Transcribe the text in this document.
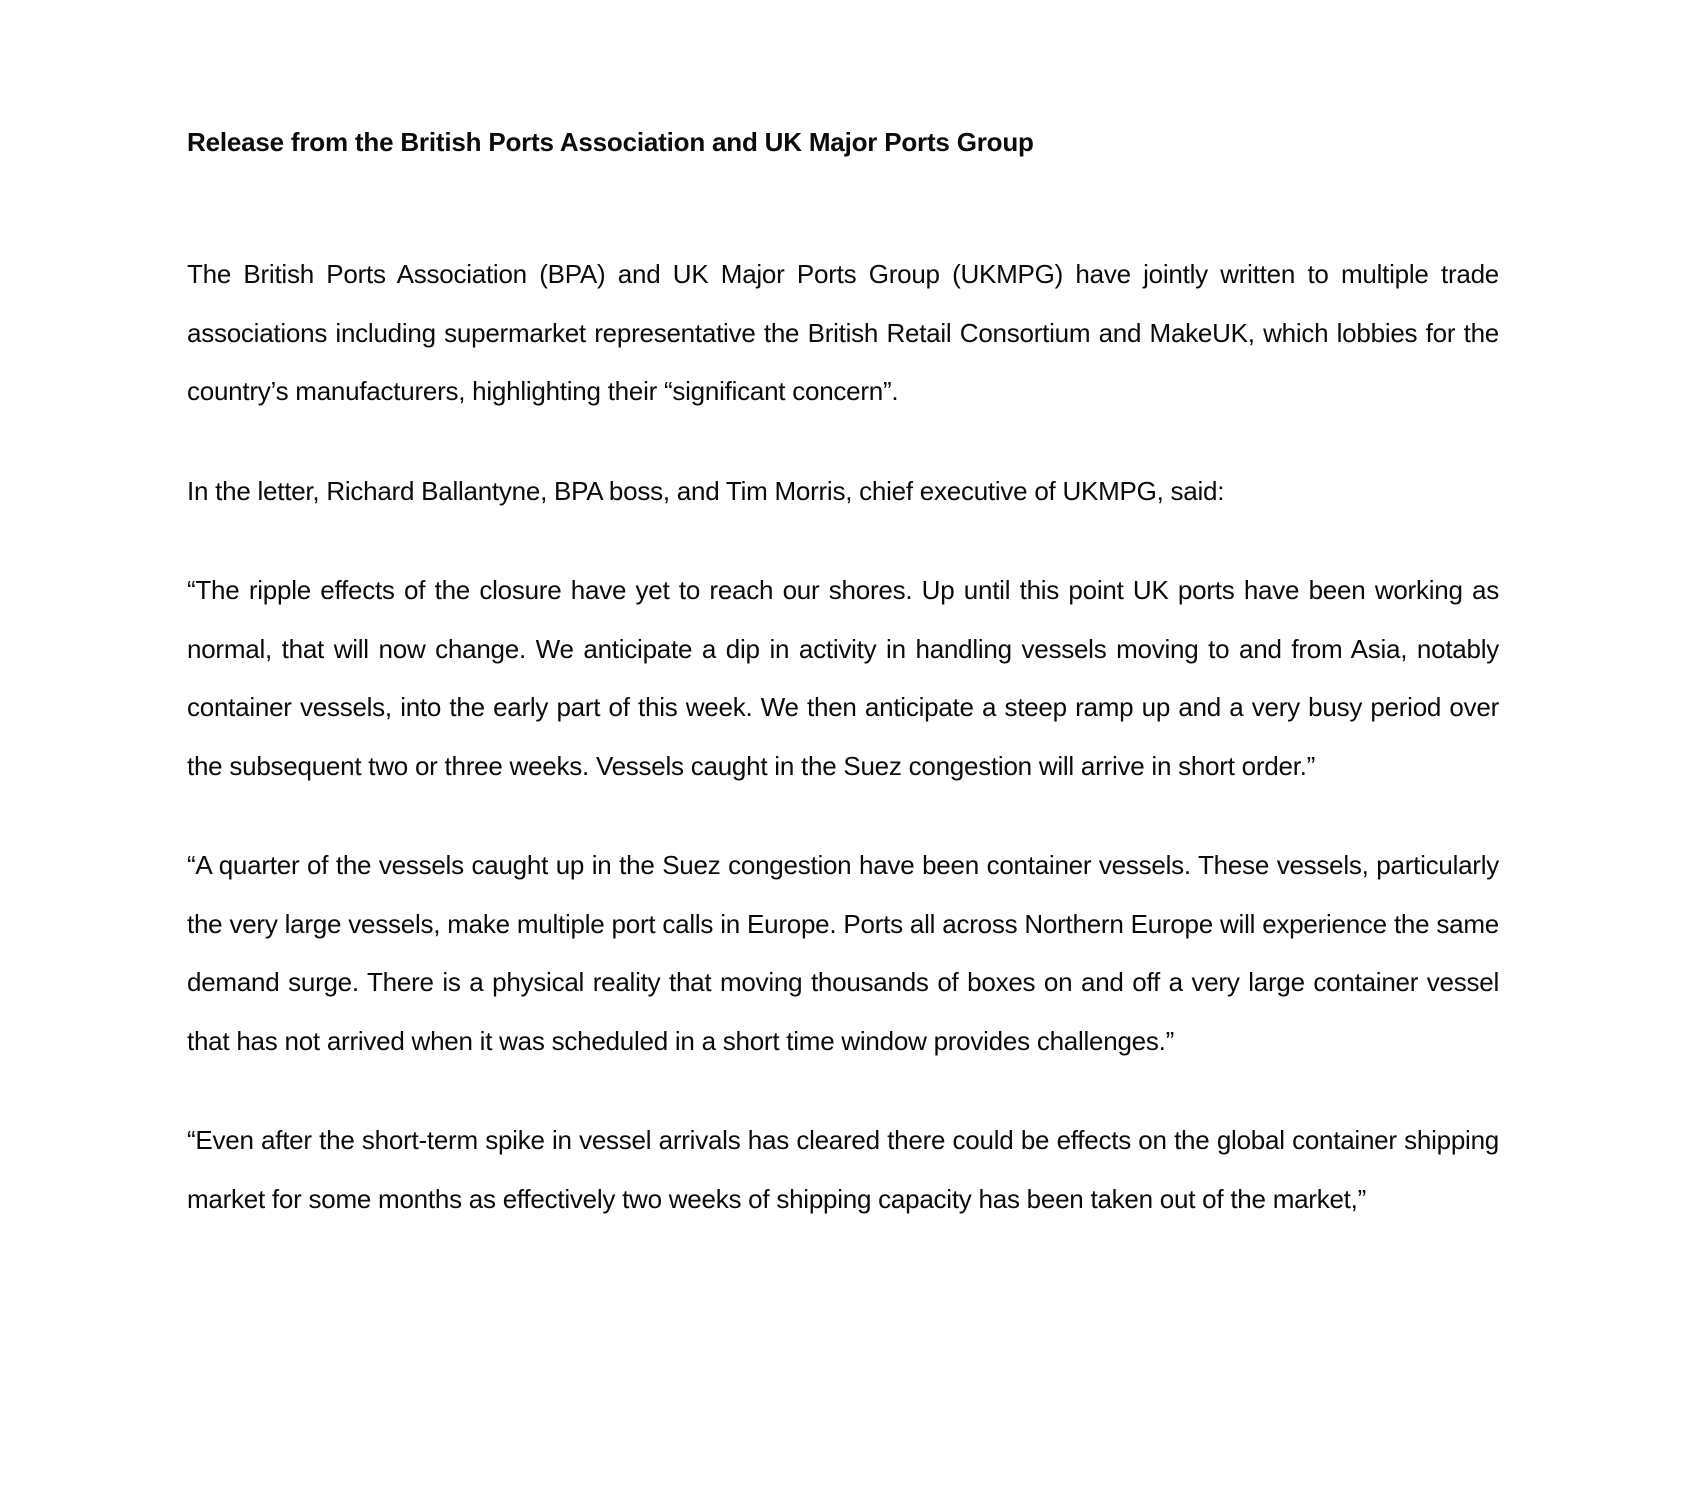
Release from the British Ports Association and UK Major Ports Group

The British Ports Association (BPA) and UK Major Ports Group (UKMPG) have jointly written to multiple trade associations including supermarket representative the British Retail Consortium and MakeUK, which lobbies for the country’s manufacturers, highlighting their “significant concern”.

In the letter, Richard Ballantyne, BPA boss, and Tim Morris, chief executive of UKMPG, said:

“The ripple effects of the closure have yet to reach our shores. Up until this point UK ports have been working as normal, that will now change. We anticipate a dip in activity in handling vessels moving to and from Asia, notably container vessels, into the early part of this week. We then anticipate a steep ramp up and a very busy period over the subsequent two or three weeks. Vessels caught in the Suez congestion will arrive in short order.”

“A quarter of the vessels caught up in the Suez congestion have been container vessels. These vessels, particularly the very large vessels, make multiple port calls in Europe. Ports all across Northern Europe will experience the same demand surge. There is a physical reality that moving thousands of boxes on and off a very large container vessel that has not arrived when it was scheduled in a short time window provides challenges.”

“Even after the short-term spike in vessel arrivals has cleared there could be effects on the global container shipping market for some months as effectively two weeks of shipping capacity has been taken out of the market,”
